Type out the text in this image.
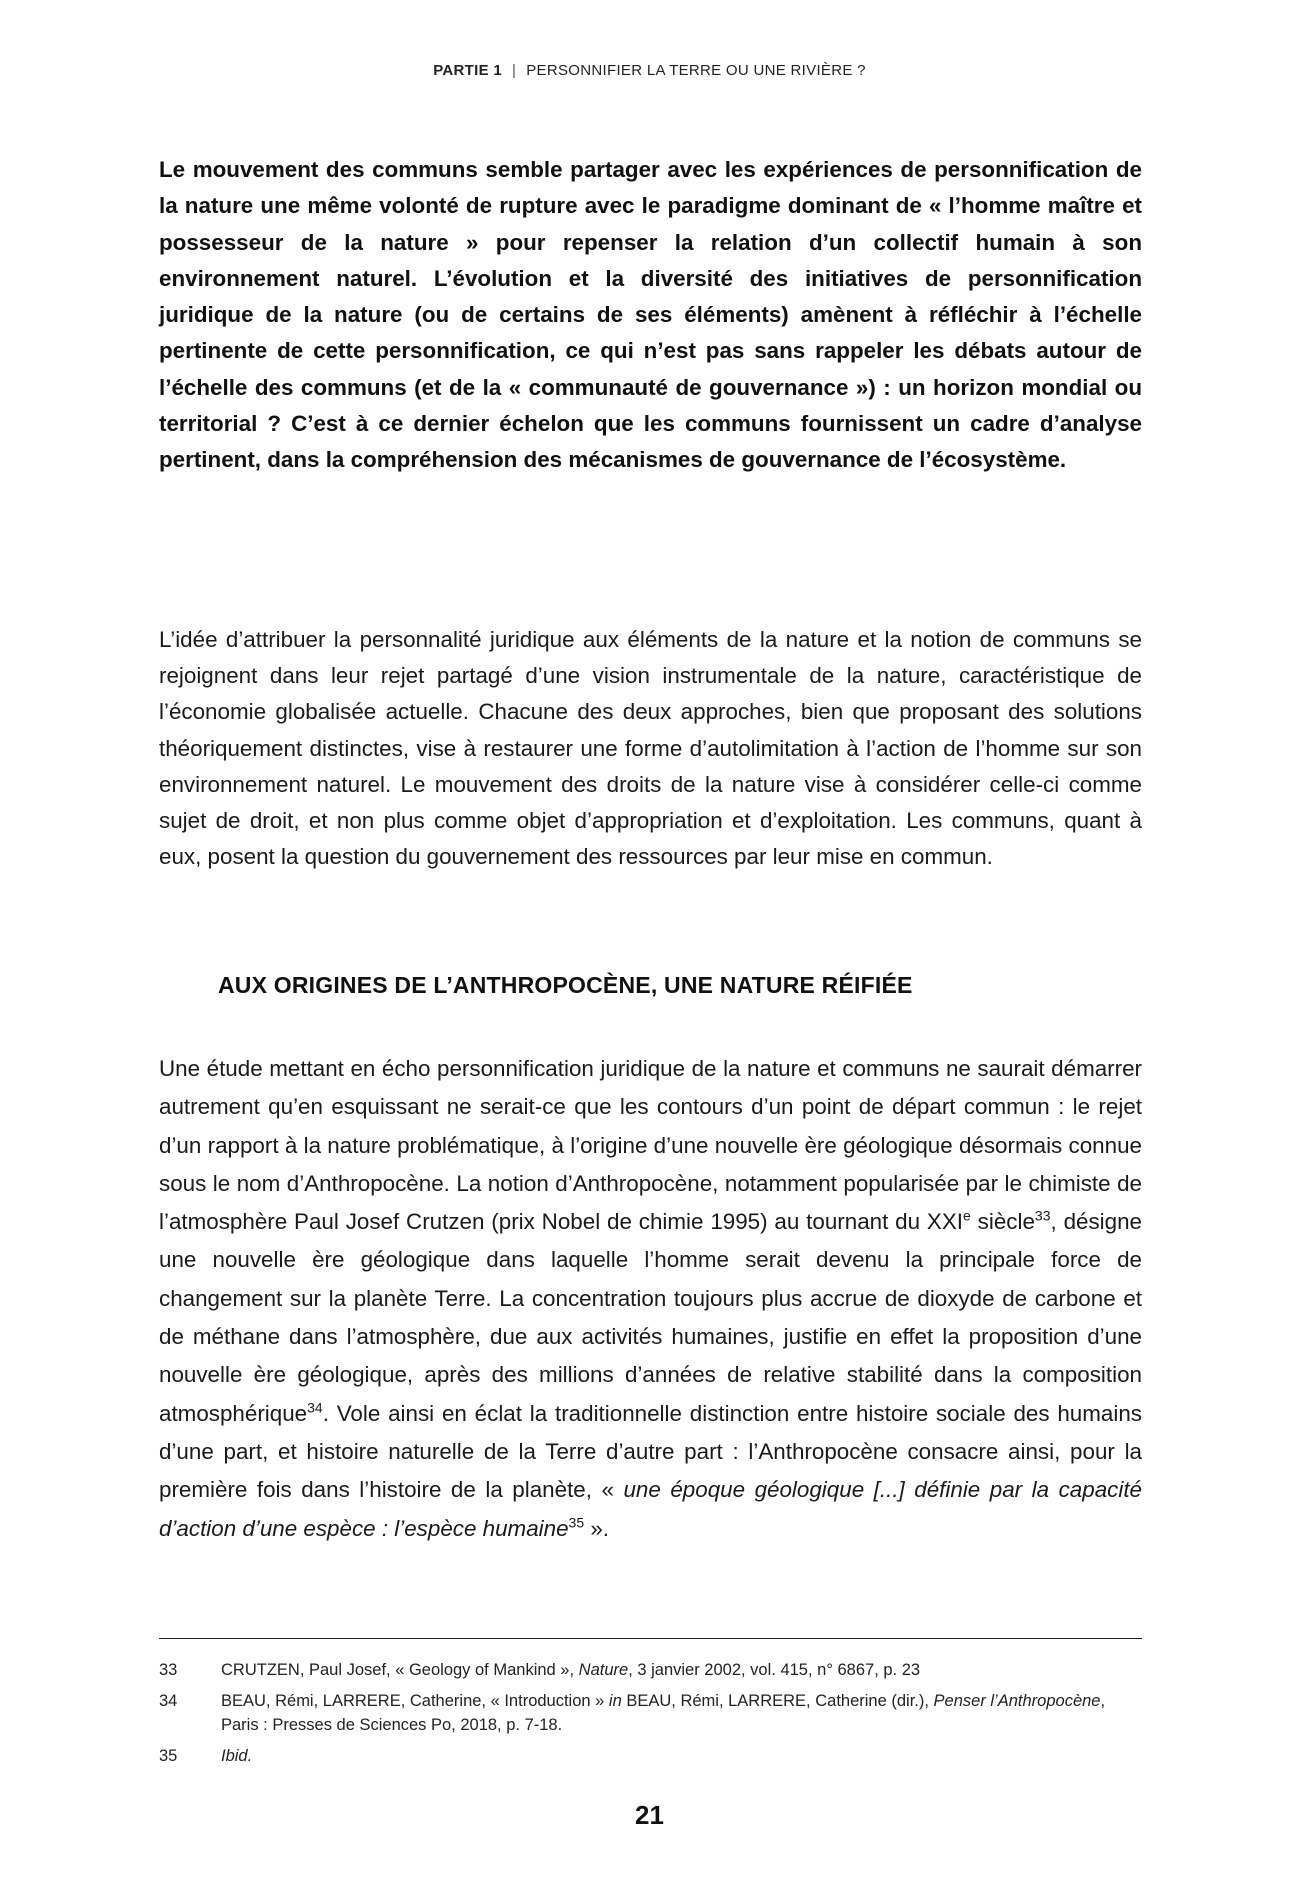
PARTIE 1 | PERSONNIFIER LA TERRE OU UNE RIVIÈRE ?
Le mouvement des communs semble partager avec les expériences de personnification de la nature une même volonté de rupture avec le paradigme dominant de « l’homme maître et possesseur de la nature » pour repenser la relation d’un collectif humain à son environnement naturel. L’évolution et la diversité des initiatives de personnification juridique de la nature (ou de certains de ses éléments) amènent à réfléchir à l’échelle pertinente de cette personnification, ce qui n’est pas sans rappeler les débats autour de l’échelle des communs (et de la « communauté de gouvernance ») : un horizon mondial ou territorial ? C’est à ce dernier échelon que les communs fournissent un cadre d’analyse pertinent, dans la compréhension des mécanismes de gouvernance de l’écosystème.
L’idée d’attribuer la personnalité juridique aux éléments de la nature et la notion de communs se rejoignent dans leur rejet partagé d’une vision instrumentale de la nature, caractéristique de l’économie globalisée actuelle. Chacune des deux approches, bien que proposant des solutions théoriquement distinctes, vise à restaurer une forme d’autolimitation à l’action de l’homme sur son environnement naturel. Le mouvement des droits de la nature vise à considérer celle-ci comme sujet de droit, et non plus comme objet d’appropriation et d’exploitation. Les communs, quant à eux, posent la question du gouvernement des ressources par leur mise en commun.
AUX ORIGINES DE L’ANTHROPOCÈNE, UNE NATURE RÉIFIÉE
Une étude mettant en écho personnification juridique de la nature et communs ne saurait démarrer autrement qu’en esquissant ne serait-ce que les contours d’un point de départ commun : le rejet d’un rapport à la nature problématique, à l’origine d’une nouvelle ère géologique désormais connue sous le nom d’Anthropocène. La notion d’Anthropocène, notamment popularisée par le chimiste de l’atmosphère Paul Josef Crutzen (prix Nobel de chimie 1995) au tournant du XXIe siècle$^{33}$, désigne une nouvelle ère géologique dans laquelle l’homme serait devenu la principale force de changement sur la planète Terre. La concentration toujours plus accrue de dioxyde de carbone et de méthane dans l’atmosphère, due aux activités humaines, justifie en effet la proposition d’une nouvelle ère géologique, après des millions d’années de relative stabilité dans la composition atmosphérique$^{34}$. Vole ainsi en éclat la traditionnelle distinction entre histoire sociale des humains d’une part, et histoire naturelle de la Terre d’autre part : l’Anthropocène consacre ainsi, pour la première fois dans l’histoire de la planète, « une époque géologique [...] définie par la capacité d’action d’une espèce : l’espèce humaine$^{35}$ ».
33	CRUTZEN, Paul Josef, « Geology of Mankind », Nature, 3 janvier 2002, vol. 415, n° 6867, p. 23
34	BEAU, Rémi, LARRERE, Catherine, « Introduction » in BEAU, Rémi, LARRERE, Catherine (dir.), Penser l’Anthropocène, Paris : Presses de Sciences Po, 2018, p. 7-18.
35	Ibid.
21
